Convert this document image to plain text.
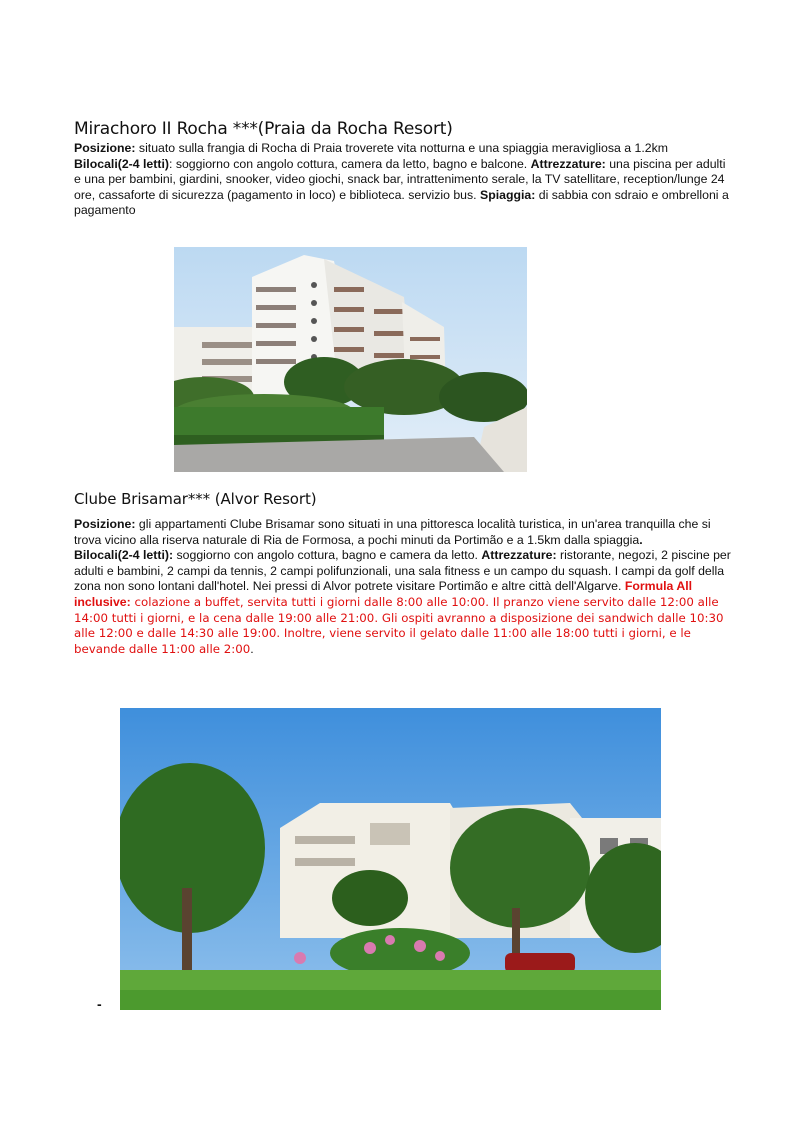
Mirachoro II Rocha ***(Praia da Rocha Resort)
Posizione: situato sulla frangia di Rocha di Praia troverete vita notturna e una spiaggia meravigliosa a 1.2km
Bilocali(2-4 letti): soggiorno con angolo cottura, camera da letto, bagno e balcone. Attrezzature: una piscina per adulti e una per bambini, giardini, snooker, video giochi, snack bar, intrattenimento serale, la TV satellitare, reception/lunge 24 ore, cassaforte di sicurezza (pagamento in loco) e biblioteca. servizio bus. Spiaggia: di sabbia con sdraio e ombrelloni a pagamento
Clube Brisamar*** (Alvor Resort)
Posizione: gli appartamenti Clube Brisamar sono situati in una pittoresca località turistica, in un'area tranquilla che si trova vicino alla riserva naturale di Ria de Formosa, a pochi minuti da Portimão e a 1.5km dalla spiaggia.
Bilocali(2-4 letti): soggiorno con angolo cottura, bagno e camera da letto. Attrezzature: ristorante, negozi, 2 piscine per adulti e bambini, 2 campi da tennis, 2 campi polifunzionali, una sala fitness e un campo du squash. I campi da golf della zona non sono lontani dall'hotel. Nei pressi di Alvor potrete visitare Portimão e altre città dell'Algarve. Formula All inclusive: colazione a buffet, servita tutti i giorni dalle 8:00 alle 10:00. Il pranzo viene servito dalle 12:00 alle 14:00 tutti i giorni, e la cena dalle 19:00 alle 21:00. Gli ospiti avranno a disposizione dei sandwich dalle 10:30 alle 12:00 e dalle 14:30 alle 19:00. Inoltre, viene servito il gelato dalle 11:00 alle 18:00 tutti i giorni, e le bevande dalle 11:00 alle 2:00.
-
